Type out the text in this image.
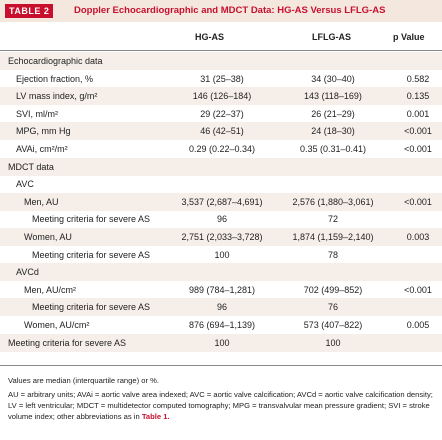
TABLE 2	Doppler Echocardiographic and MDCT Data: HG-AS Versus LFLG-AS
HG-AS	LFLG-AS	p Value
Echocardiographic data
Ejection fraction, %	31 (25–38)	34 (30–40)	0.582
LV mass index, g/m²	146 (126–184)	143 (118–169)	0.135
SVI, ml/m²	29 (22–37)	26 (21–29)	0.001
MPG, mm Hg	46 (42–51)	24 (18–30)	<0.001
AVAi, cm²/m²	0.29 (0.22–0.34)	0.35 (0.31–0.41)	<0.001
MDCT data
AVC
Men, AU	3,537 (2,687–4,691)	2,576 (1,880–3,061)	<0.001
Meeting criteria for severe AS	96	72
Women, AU	2,751 (2,033–3,728)	1,874 (1,159–2,140)	0.003
Meeting criteria for severe AS	100	78
AVCd
Men, AU/cm²	989 (784–1,281)	702 (499–852)	<0.001
Meeting criteria for severe AS	96	76
Women, AU/cm²	876 (694–1,139)	573 (407–822)	0.005
Meeting criteria for severe AS	100	100
Values are median (interquartile range) or %.
AU = arbitrary units; AVAi = aortic valve area indexed; AVC = aortic valve calcification; AVCd = aortic valve calcification density; LV = left ventricular; MDCT = multidetector computed tomography; MPG = transvalvular mean pressure gradient; SVI = stroke volume index; other abbreviations as in Table 1.
